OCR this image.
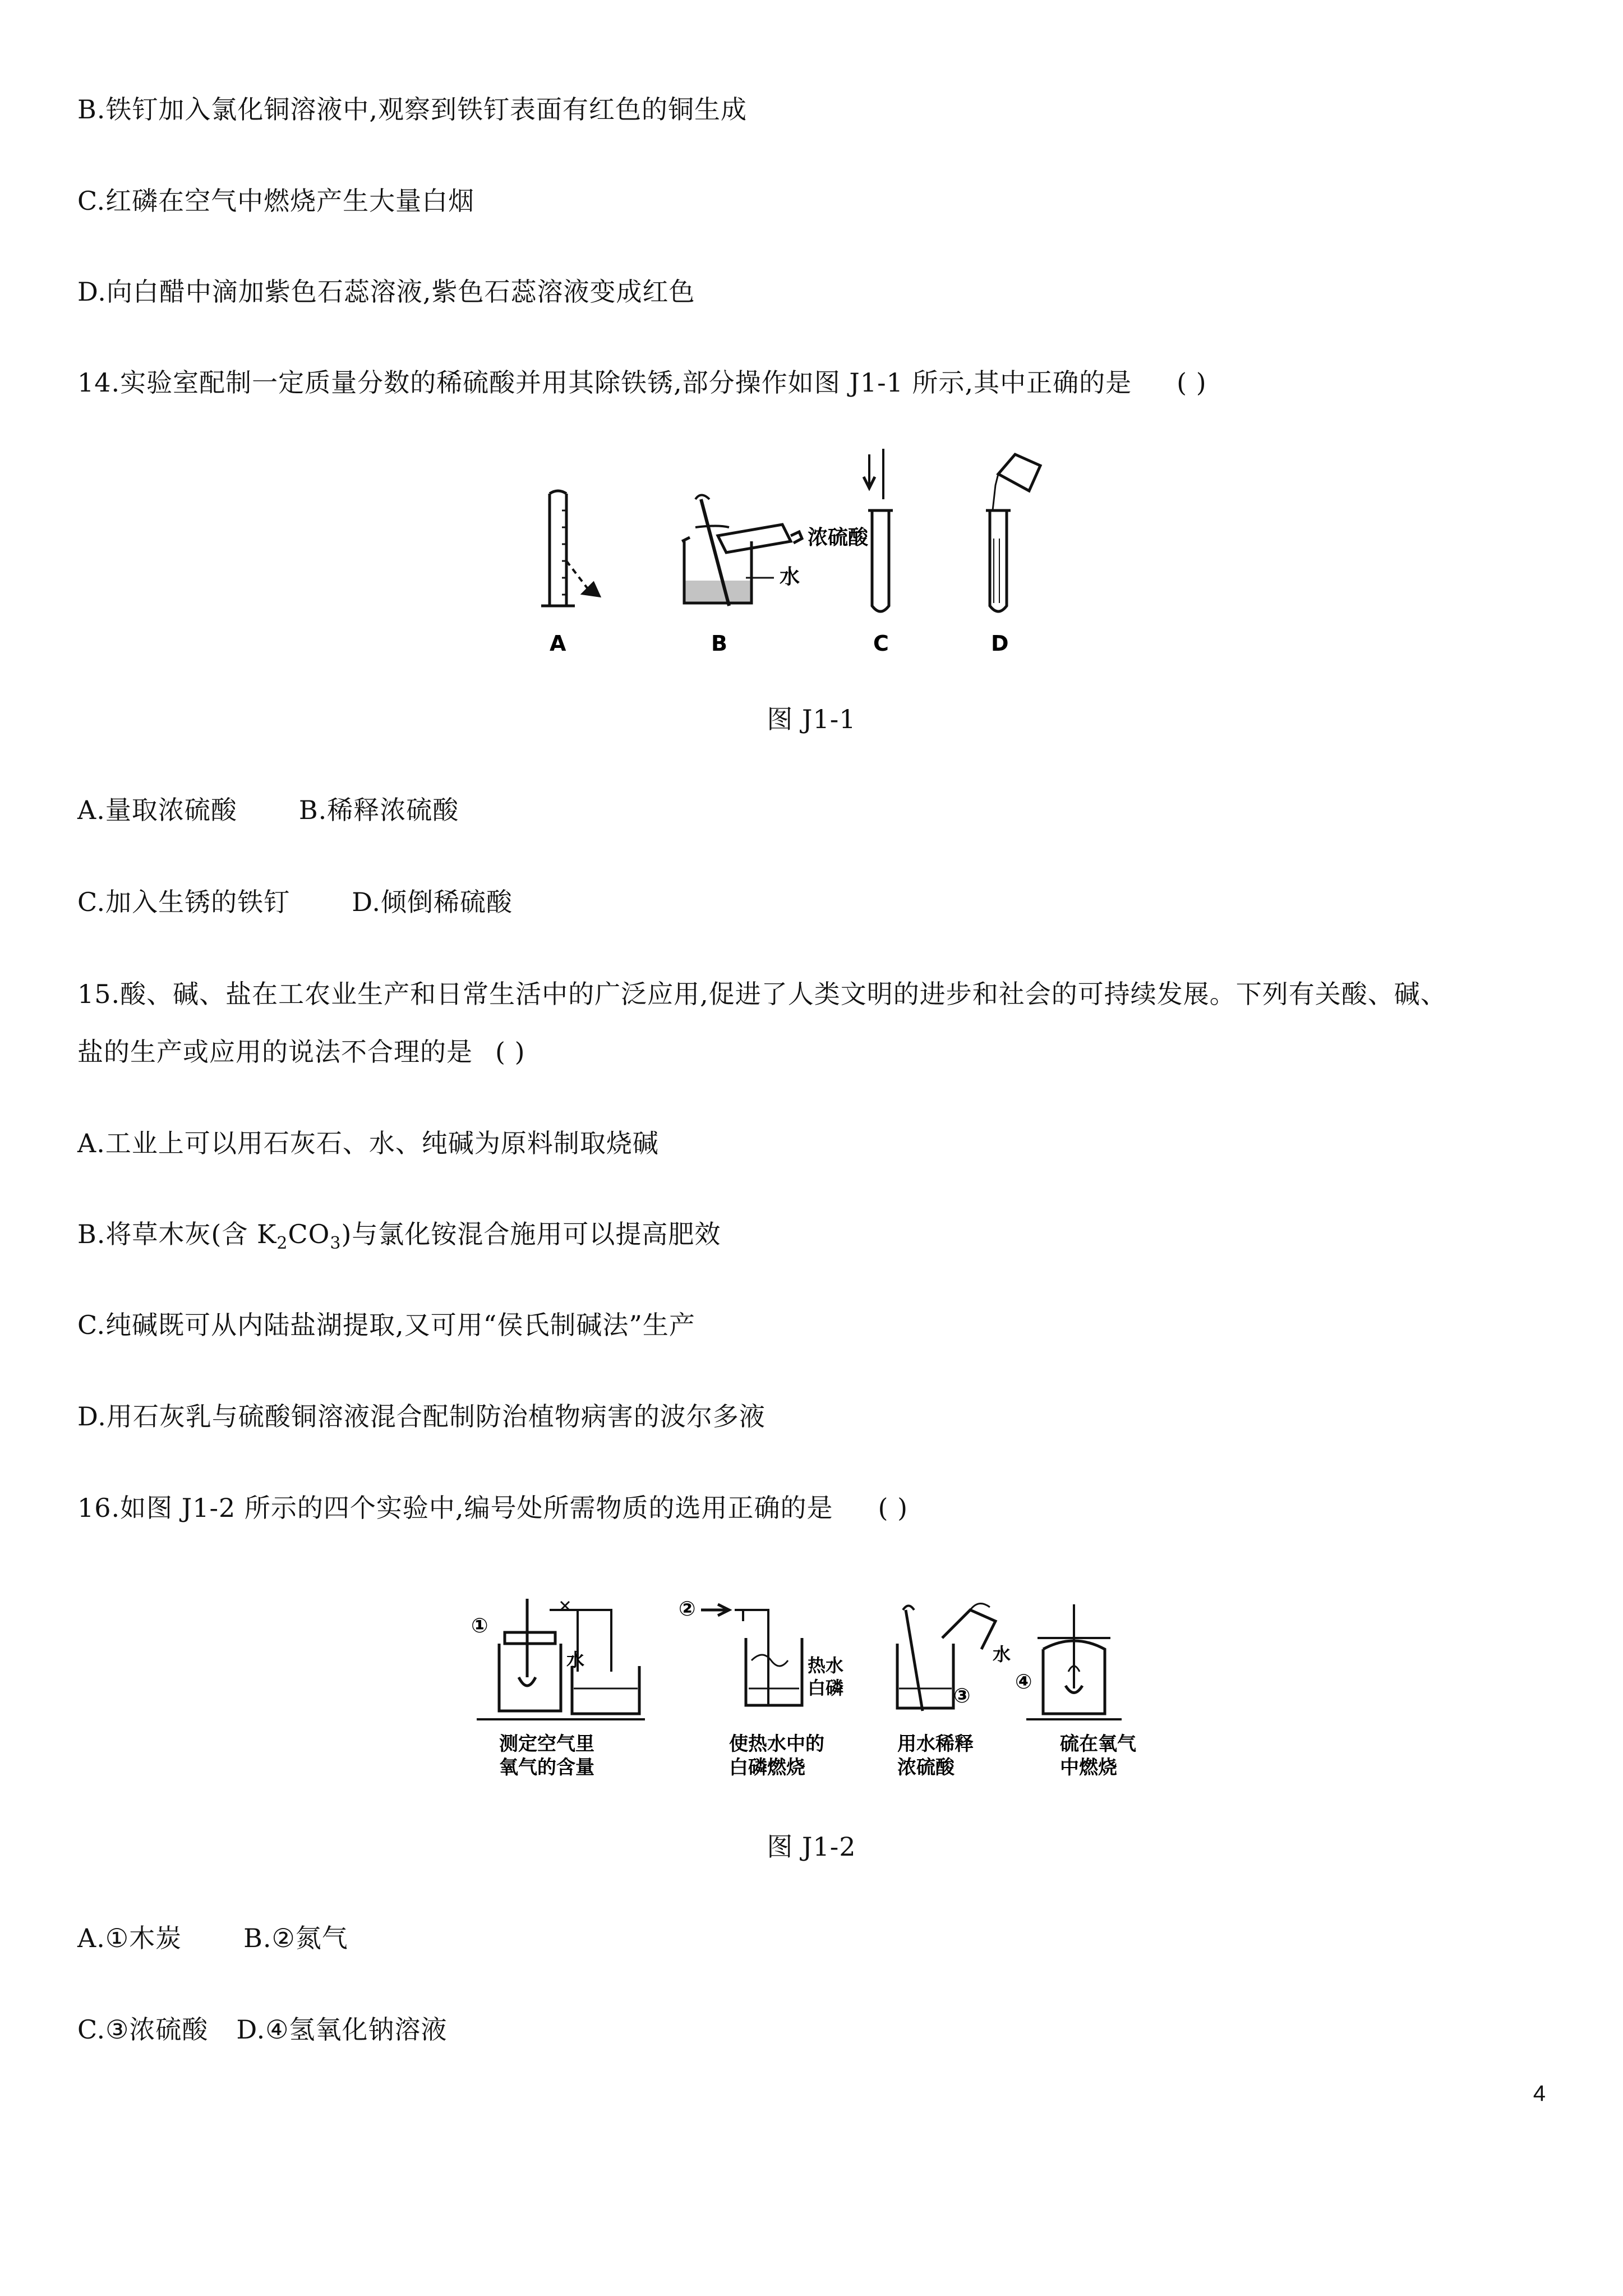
B.铁钉加入氯化铜溶液中,观察到铁钉表面有红色的铜生成
C.红磷在空气中燃烧产生大量白烟
D.向白醋中滴加紫色石蕊溶液,紫色石蕊溶液变成红色
14.实验室配制一定质量分数的稀硫酸并用其除铁锈,部分操作如图 J1-1 所示,其中正确的是 ( )
浓硫酸
水
A	B	C	D
图 J1-1
A.量取浓硫酸 B.稀释浓硫酸
C.加入生锈的铁钉 D.倾倒稀硫酸
15.酸、碱、盐在工农业生产和日常生活中的广泛应用,促进了人类文明的进步和社会的可持续发展。下列有关酸、碱、
盐的生产或应用的说法不合理的是 ( )
A.工业上可以用石灰石、水、纯碱为原料制取烧碱
B.将草木灰(含 $K_2CO_3$)与氯化铵混合施用可以提高肥效
C.纯碱既可从内陆盐湖提取,又可用“侯氏制碱法”生产
D.用石灰乳与硫酸铜溶液混合配制防治植物病害的波尔多液
16.如图 J1-2 所示的四个实验中,编号处所需物质的选用正确的是 ( )
①
水
②
热水
白磷
水
③
④
测定空气里
氧气的含量
使热水中的
白磷燃烧
用水稀释
浓硫酸
硫在氧气
中燃烧
图 J1-2
A.①木炭 B.②氮气
C.③浓硫酸 D.④氢氧化钠溶液
4
